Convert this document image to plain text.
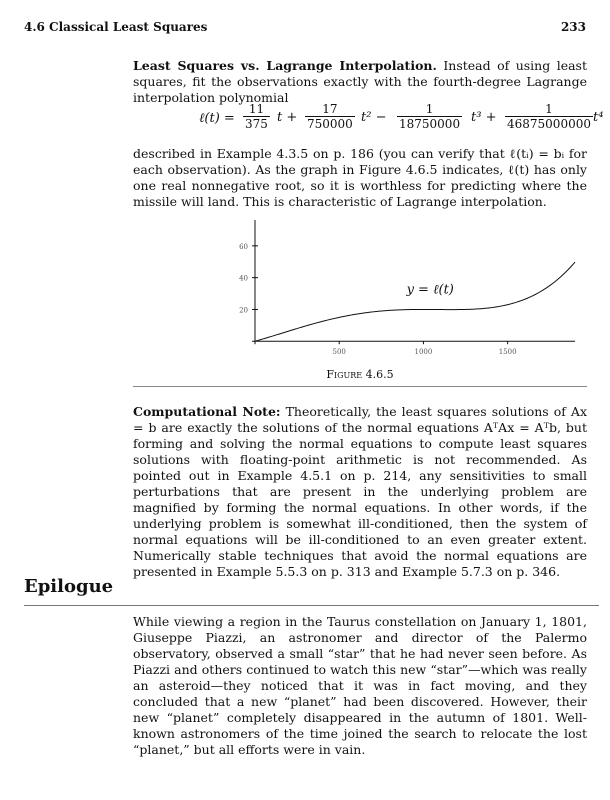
4.6 Classical Least Squares	233

Least Squares vs. Lagrange Interpolation. Instead of using least squares, fit the observations exactly with the fourth-degree Lagrange interpolation polynomial

ℓ(t) = $\frac{11}{375}$ $t + \frac{17}{750000} t^2 - \frac{1}{18750000} t^3 + \frac{1}{46875000000} t^4$

described in Example 4.3.5 on p. 186 (you can verify that ℓ(tᵢ) = bᵢ for each observation). As the graph in Figure 4.6.5 indicates, ℓ(t) has only one real nonnegative root, so it is worthless for predicting where the missile will land. This is characteristic of Lagrange interpolation.

500	1000	1500
20
40
60
y = ℓ(t)
Figure 4.6.5

Computational Note: Theoretically, the least squares solutions of Ax = b are exactly the solutions of the normal equations AᵀAx = Aᵀb, but forming and solving the normal equations to compute least squares solutions with floating-point arithmetic is not recommended. As pointed out in Example 4.5.1 on p. 214, any sensitivities to small perturbations that are present in the underlying problem are magnified by forming the normal equations. In other words, if the underlying problem is somewhat ill-conditioned, then the system of normal equations will be ill-conditioned to an even greater extent. Numerically stable techniques that avoid the normal equations are presented in Example 5.5.3 on p. 313 and Example 5.7.3 on p. 346.

Epilogue

While viewing a region in the Taurus constellation on January 1, 1801, Giuseppe Piazzi, an astronomer and director of the Palermo observatory, observed a small “star” that he had never seen before. As Piazzi and others continued to watch this new “star”—which was really an asteroid—they noticed that it was in fact moving, and they concluded that a new “planet” had been discovered. However, their new “planet” completely disappeared in the autumn of 1801. Well-known astronomers of the time joined the search to relocate the lost “planet,” but all efforts were in vain.
